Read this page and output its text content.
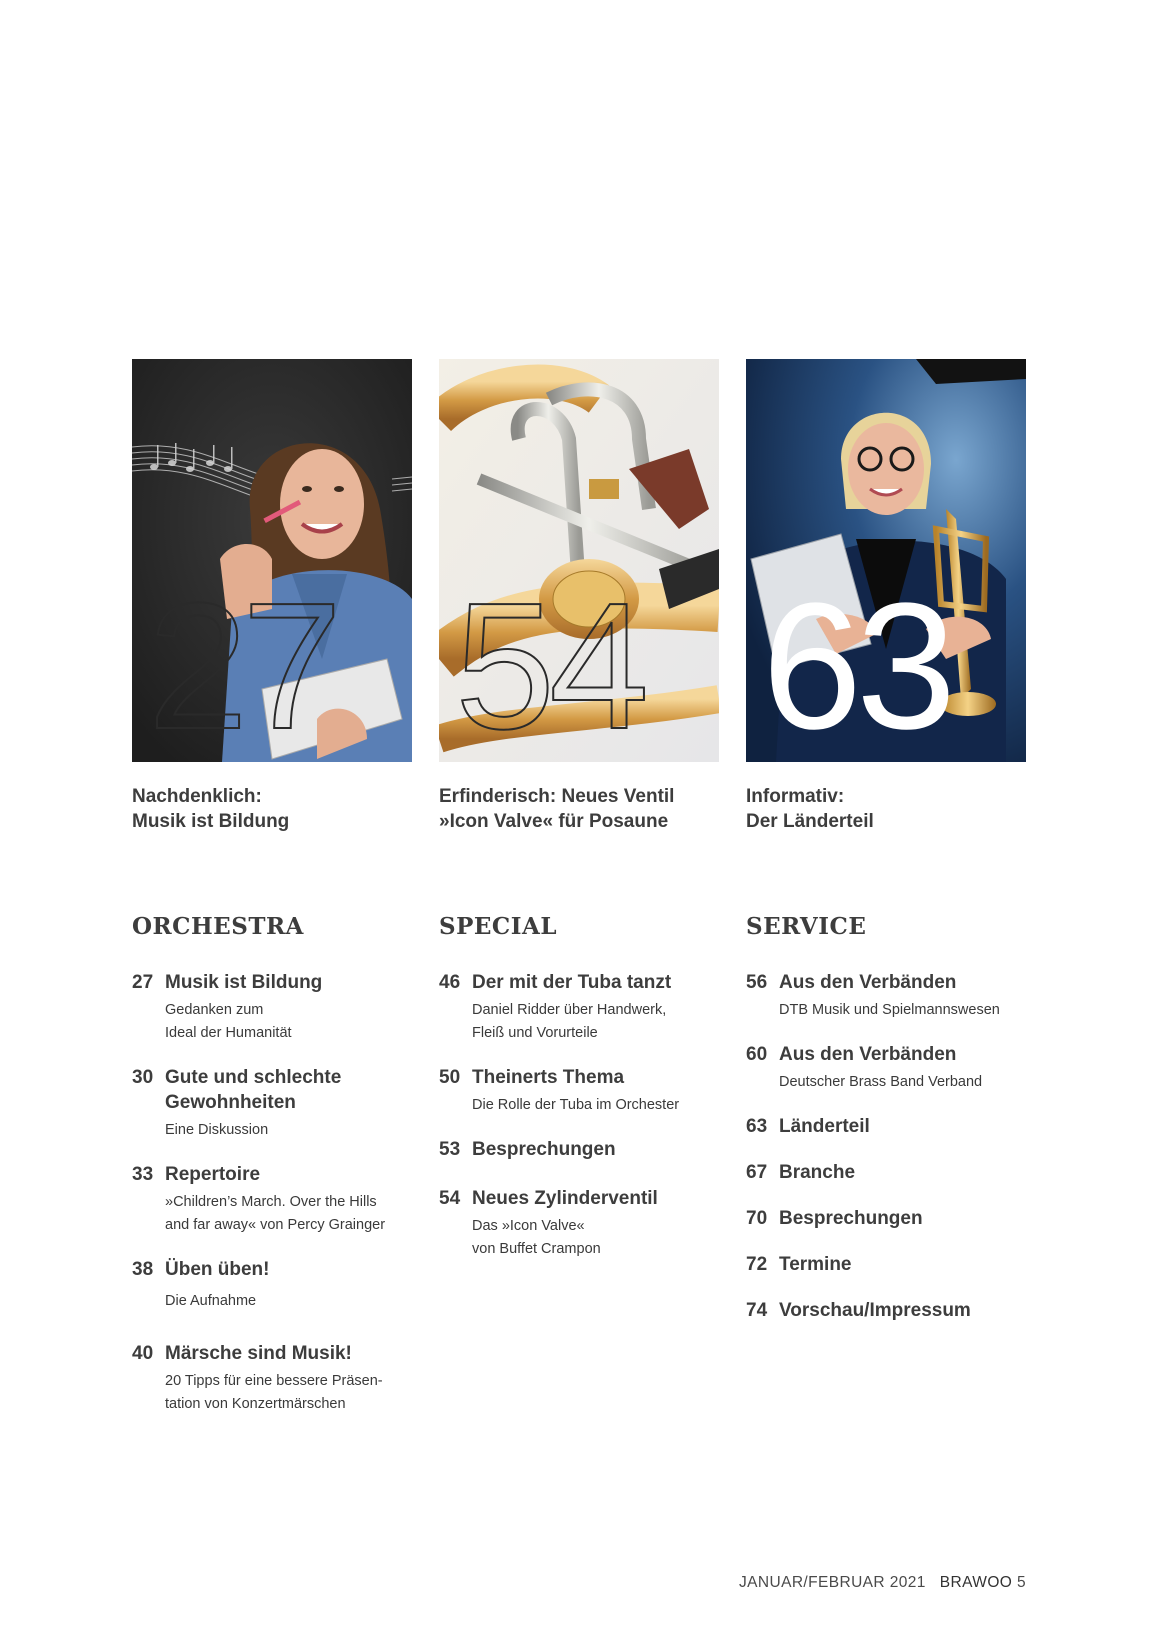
27
Nachdenklich:
Musik ist Bildung
54
Erfinderisch: Neues Ventil
»Icon Valve« für Posaune
63
Informativ:
Der Länderteil
ORCHESTRA
27 Musik ist Bildung
Gedanken zum
Ideal der Humanität
30 Gute und schlechte
Gewohnheiten
Eine Diskussion
33 Repertoire
»Children’s March. Over the Hills
and far away« von Percy Grainger
38 Üben üben!
Die Aufnahme
40 Märsche sind Musik!
20 Tipps für eine bessere Präsen-
tation von Konzertmärschen
SPECIAL
46 Der mit der Tuba tanzt
Daniel Ridder über Handwerk,
Fleiß und Vorurteile
50 Theinerts Thema
Die Rolle der Tuba im Orchester
53 Besprechungen
54 Neues Zylinderventil
Das »Icon Valve«
von Buffet Crampon
SERVICE
56 Aus den Verbänden
DTB Musik und Spielmannswesen
60 Aus den Verbänden
Deutscher Brass Band Verband
63 Länderteil
67 Branche
70 Besprechungen
72 Termine
74 Vorschau/Impressum
JANUAR/FEBRUAR 2021 BRAWOO 5
